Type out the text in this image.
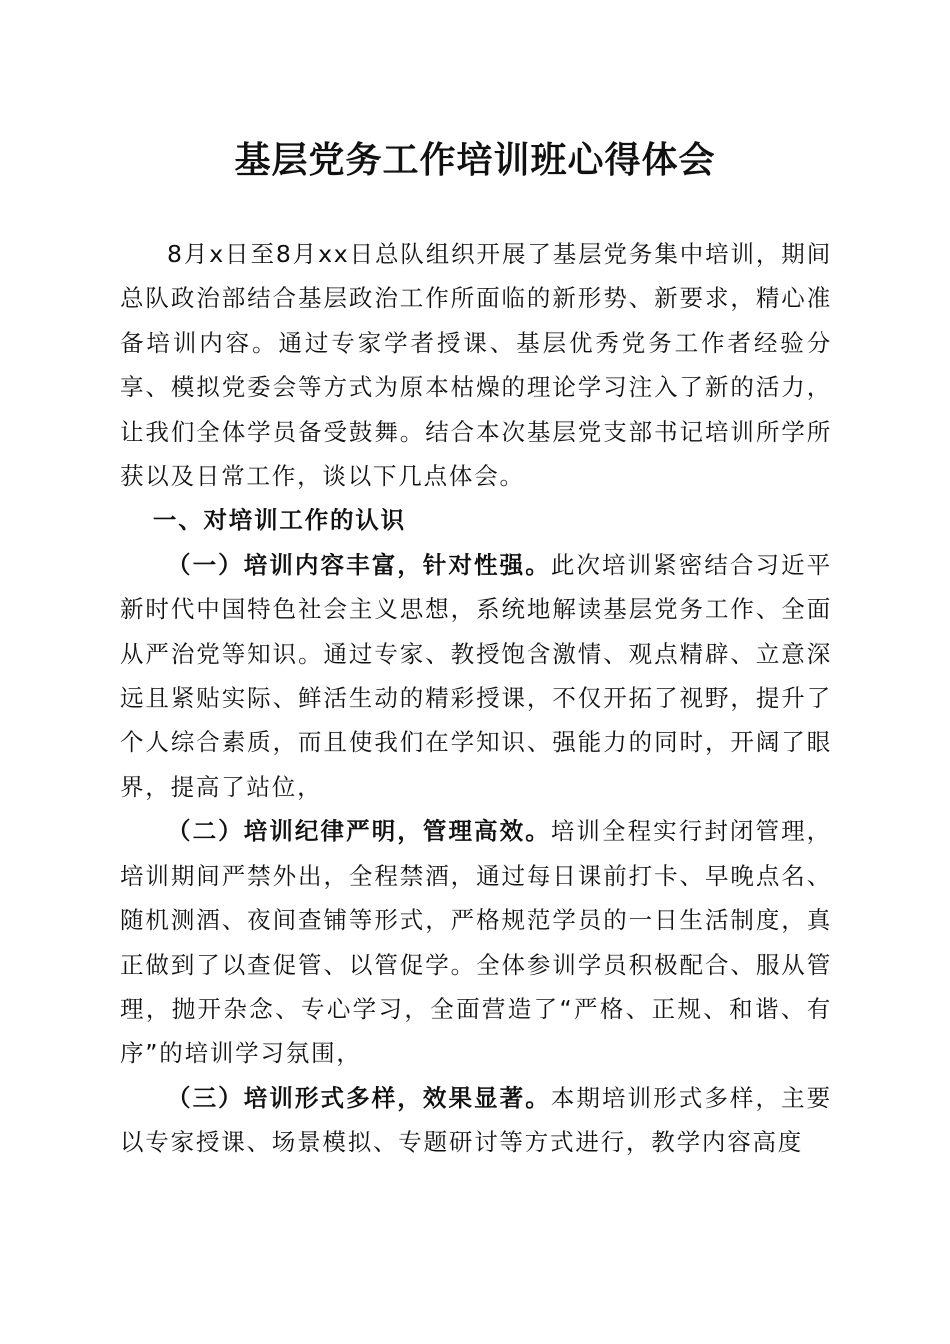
基层党务工作培训班心得体会

8月x日至8月xx日总队组织开展了基层党务集中培训，期间总队政治部结合基层政治工作所面临的新形势、新要求，精心准备培训内容。通过专家学者授课、基层优秀党务工作者经验分享、模拟党委会等方式为原本枯燥的理论学习注入了新的活力，让我们全体学员备受鼓舞。结合本次基层党支部书记培训所学所获以及日常工作，谈以下几点体会。

一、对培训工作的认识

（一）培训内容丰富，针对性强。此次培训紧密结合习近平新时代中国特色社会主义思想，系统地解读基层党务工作、全面从严治党等知识。通过专家、教授饱含激情、观点精辟、立意深远且紧贴实际、鲜活生动的精彩授课，不仅开拓了视野，提升了个人综合素质，而且使我们在学知识、强能力的同时，开阔了眼界，提高了站位，

（二）培训纪律严明，管理高效。培训全程实行封闭管理，培训期间严禁外出，全程禁酒，通过每日课前打卡、早晚点名、随机测酒、夜间查铺等形式，严格规范学员的一日生活制度，真正做到了以查促管、以管促学。全体参训学员积极配合、服从管理，抛开杂念、专心学习，全面营造了“严格、正规、和谐、有序”的培训学习氛围，

（三）培训形式多样，效果显著。本期培训形式多样，主要以专家授课、场景模拟、专题研讨等方式进行，教学内容高度
